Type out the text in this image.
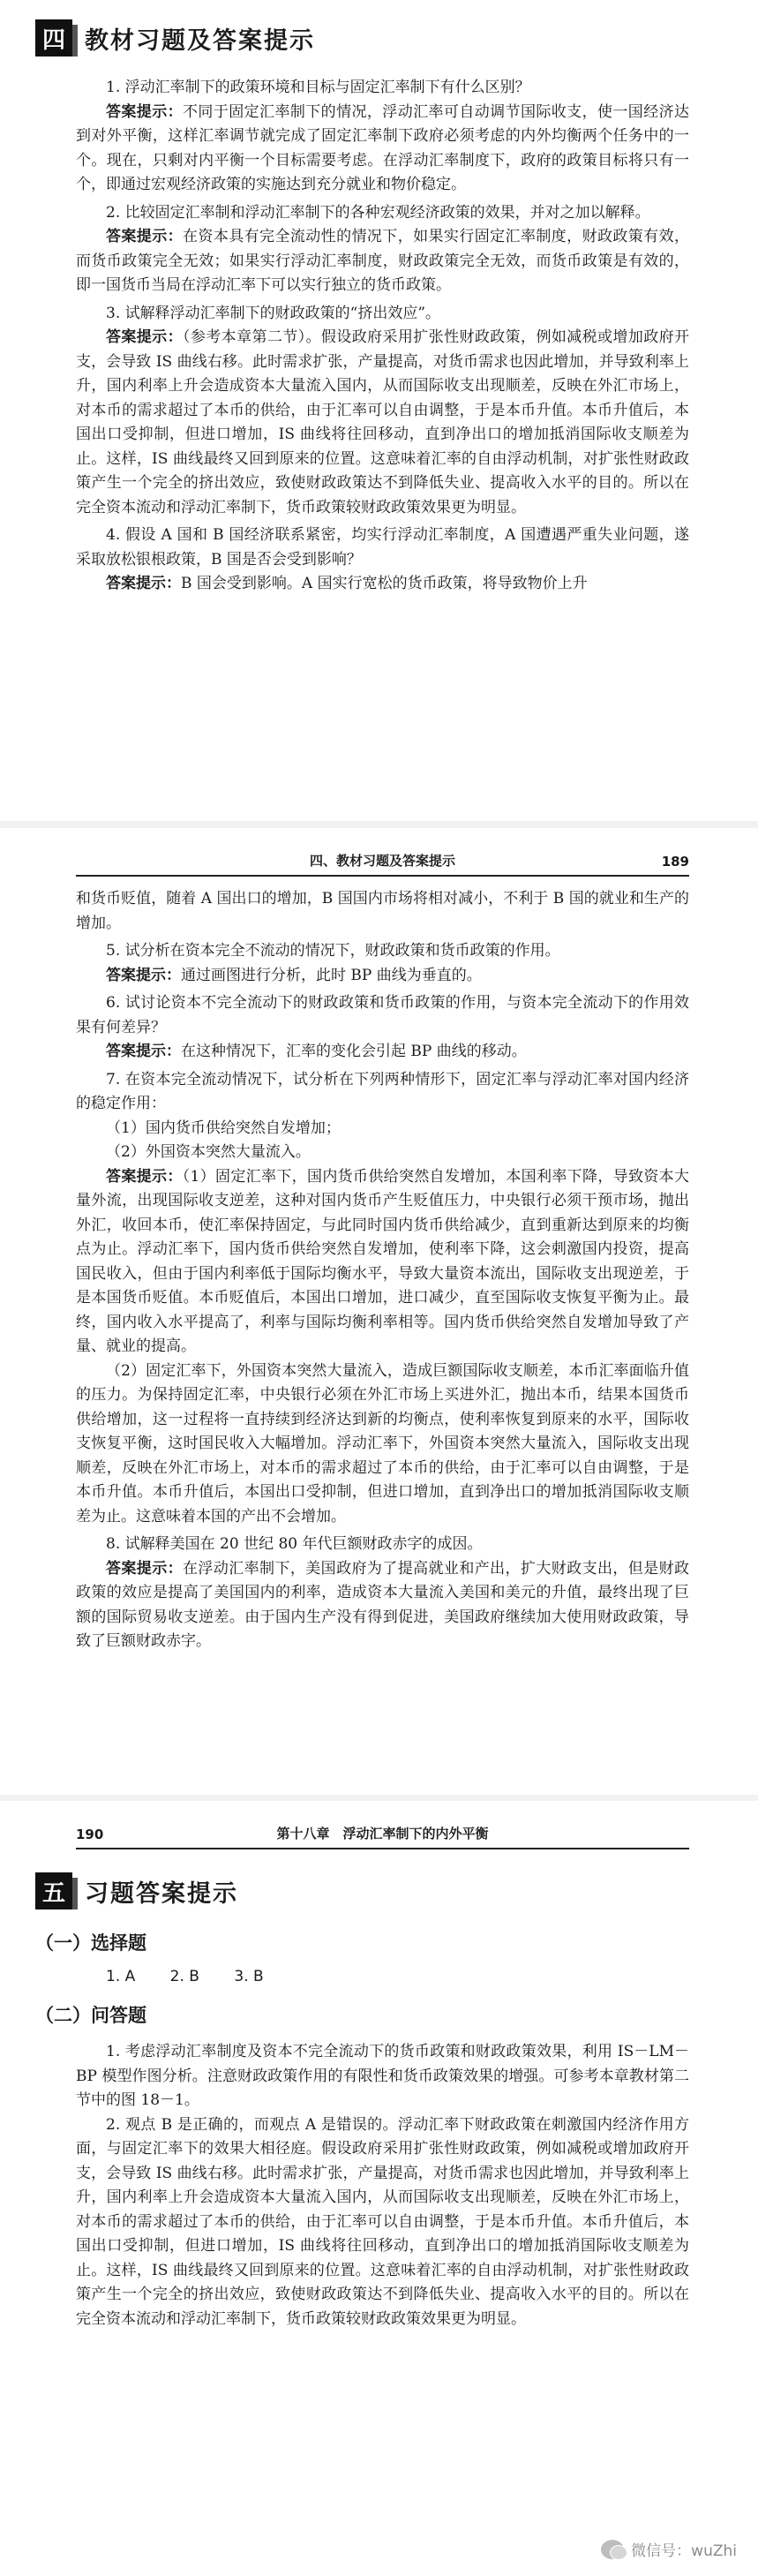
四 教材习题及答案提示

1. 浮动汇率制下的政策环境和目标与固定汇率制下有什么区别？

答案提示：不同于固定汇率制下的情况，浮动汇率可自动调节国际收支，使一国经济达到对外平衡，这样汇率调节就完成了固定汇率制下政府必须考虑的内外均衡两个任务中的一个。现在，只剩对内平衡一个目标需要考虑。在浮动汇率制度下，政府的政策目标将只有一个，即通过宏观经济政策的实施达到充分就业和物价稳定。

2. 比较固定汇率制和浮动汇率制下的各种宏观经济政策的效果，并对之加以解释。

答案提示：在资本具有完全流动性的情况下，如果实行固定汇率制度，财政政策有效，而货币政策完全无效；如果实行浮动汇率制度，财政政策完全无效，而货币政策是有效的，即一国货币当局在浮动汇率下可以实行独立的货币政策。

3. 试解释浮动汇率制下的财政政策的“挤出效应”。

答案提示：（参考本章第二节）。假设政府采用扩张性财政政策，例如减税或增加政府开支，会导致 IS 曲线右移。此时需求扩张，产量提高，对货币需求也因此增加，并导致利率上升，国内利率上升会造成资本大量流入国内，从而国际收支出现顺差，反映在外汇市场上，对本币的需求超过了本币的供给，由于汇率可以自由调整，于是本币升值。本币升值后，本国出口受抑制，但进口增加，IS 曲线将往回移动，直到净出口的增加抵消国际收支顺差为止。这样，IS 曲线最终又回到原来的位置。这意味着汇率的自由浮动机制，对扩张性财政政策产生一个完全的挤出效应，致使财政政策达不到降低失业、提高收入水平的目的。所以在完全资本流动和浮动汇率制下，货币政策较财政政策效果更为明显。

4. 假设 A 国和 B 国经济联系紧密，均实行浮动汇率制度，A 国遭遇严重失业问题，遂采取放松银根政策，B 国是否会受到影响？

答案提示：B 国会受到影响。A 国实行宽松的货币政策，将导致物价上升

四、教材习题及答案提示	189

和货币贬值，随着 A 国出口的增加，B 国国内市场将相对减小，不利于 B 国的就业和生产的增加。

5. 试分析在资本完全不流动的情况下，财政政策和货币政策的作用。

答案提示：通过画图进行分析，此时 BP 曲线为垂直的。

6. 试讨论资本不完全流动下的财政政策和货币政策的作用，与资本完全流动下的作用效果有何差异？

答案提示：在这种情况下，汇率的变化会引起 BP 曲线的移动。

7. 在资本完全流动情况下，试分析在下列两种情形下，固定汇率与浮动汇率对国内经济的稳定作用：

（1）国内货币供给突然自发增加；

（2）外国资本突然大量流入。

答案提示：（1）固定汇率下，国内货币供给突然自发增加，本国利率下降，导致资本大量外流，出现国际收支逆差，这种对国内货币产生贬值压力，中央银行必须干预市场，抛出外汇，收回本币，使汇率保持固定，与此同时国内货币供给减少，直到重新达到原来的均衡点为止。浮动汇率下，国内货币供给突然自发增加，使利率下降，这会刺激国内投资，提高国民收入，但由于国内利率低于国际均衡水平，导致大量资本流出，国际收支出现逆差，于是本国货币贬值。本币贬值后，本国出口增加，进口减少，直至国际收支恢复平衡为止。最终，国内收入水平提高了，利率与国际均衡利率相等。国内货币供给突然自发增加导致了产量、就业的提高。

（2）固定汇率下，外国资本突然大量流入，造成巨额国际收支顺差，本币汇率面临升值的压力。为保持固定汇率，中央银行必须在外汇市场上买进外汇，抛出本币，结果本国货币供给增加，这一过程将一直持续到经济达到新的均衡点，使利率恢复到原来的水平，国际收支恢复平衡，这时国民收入大幅增加。浮动汇率下，外国资本突然大量流入，国际收支出现顺差，反映在外汇市场上，对本币的需求超过了本币的供给，由于汇率可以自由调整，于是本币升值。本币升值后，本国出口受抑制，但进口增加，直到净出口的增加抵消国际收支顺差为止。这意味着本国的产出不会增加。

8. 试解释美国在 20 世纪 80 年代巨额财政赤字的成因。

答案提示：在浮动汇率制下，美国政府为了提高就业和产出，扩大财政支出，但是财政政策的效应是提高了美国国内的利率，造成资本大量流入美国和美元的升值，最终出现了巨额的国际贸易收支逆差。由于国内生产没有得到促进，美国政府继续加大使用财政政策，导致了巨额财政赤字。

190	第十八章　浮动汇率制下的内外平衡
五 习题答案提示
（一）选择题
1. A 2. B 3. B
（二）问答题

1. 考虑浮动汇率制度及资本不完全流动下的货币政策和财政政策效果，利用 IS－LM－BP 模型作图分析。注意财政政策作用的有限性和货币政策效果的增强。可参考本章教材第二节中的图 18－1。

2. 观点 B 是正确的，而观点 A 是错误的。浮动汇率下财政政策在刺激国内经济作用方面，与固定汇率下的效果大相径庭。假设政府采用扩张性财政政策，例如减税或增加政府开支，会导致 IS 曲线右移。此时需求扩张，产量提高，对货币需求也因此增加，并导致利率上升，国内利率上升会造成资本大量流入国内，从而国际收支出现顺差，反映在外汇市场上，对本币的需求超过了本币的供给，由于汇率可以自由调整，于是本币升值。本币升值后，本国出口受抑制，但进口增加，IS 曲线将往回移动，直到净出口的增加抵消国际收支顺差为止。这样，IS 曲线最终又回到原来的位置。这意味着汇率的自由浮动机制，对扩张性财政政策产生一个完全的挤出效应，致使财政政策达不到降低失业、提高收入水平的目的。所以在完全资本流动和浮动汇率制下，货币政策较财政政策效果更为明显。

微信号：wuZhi
